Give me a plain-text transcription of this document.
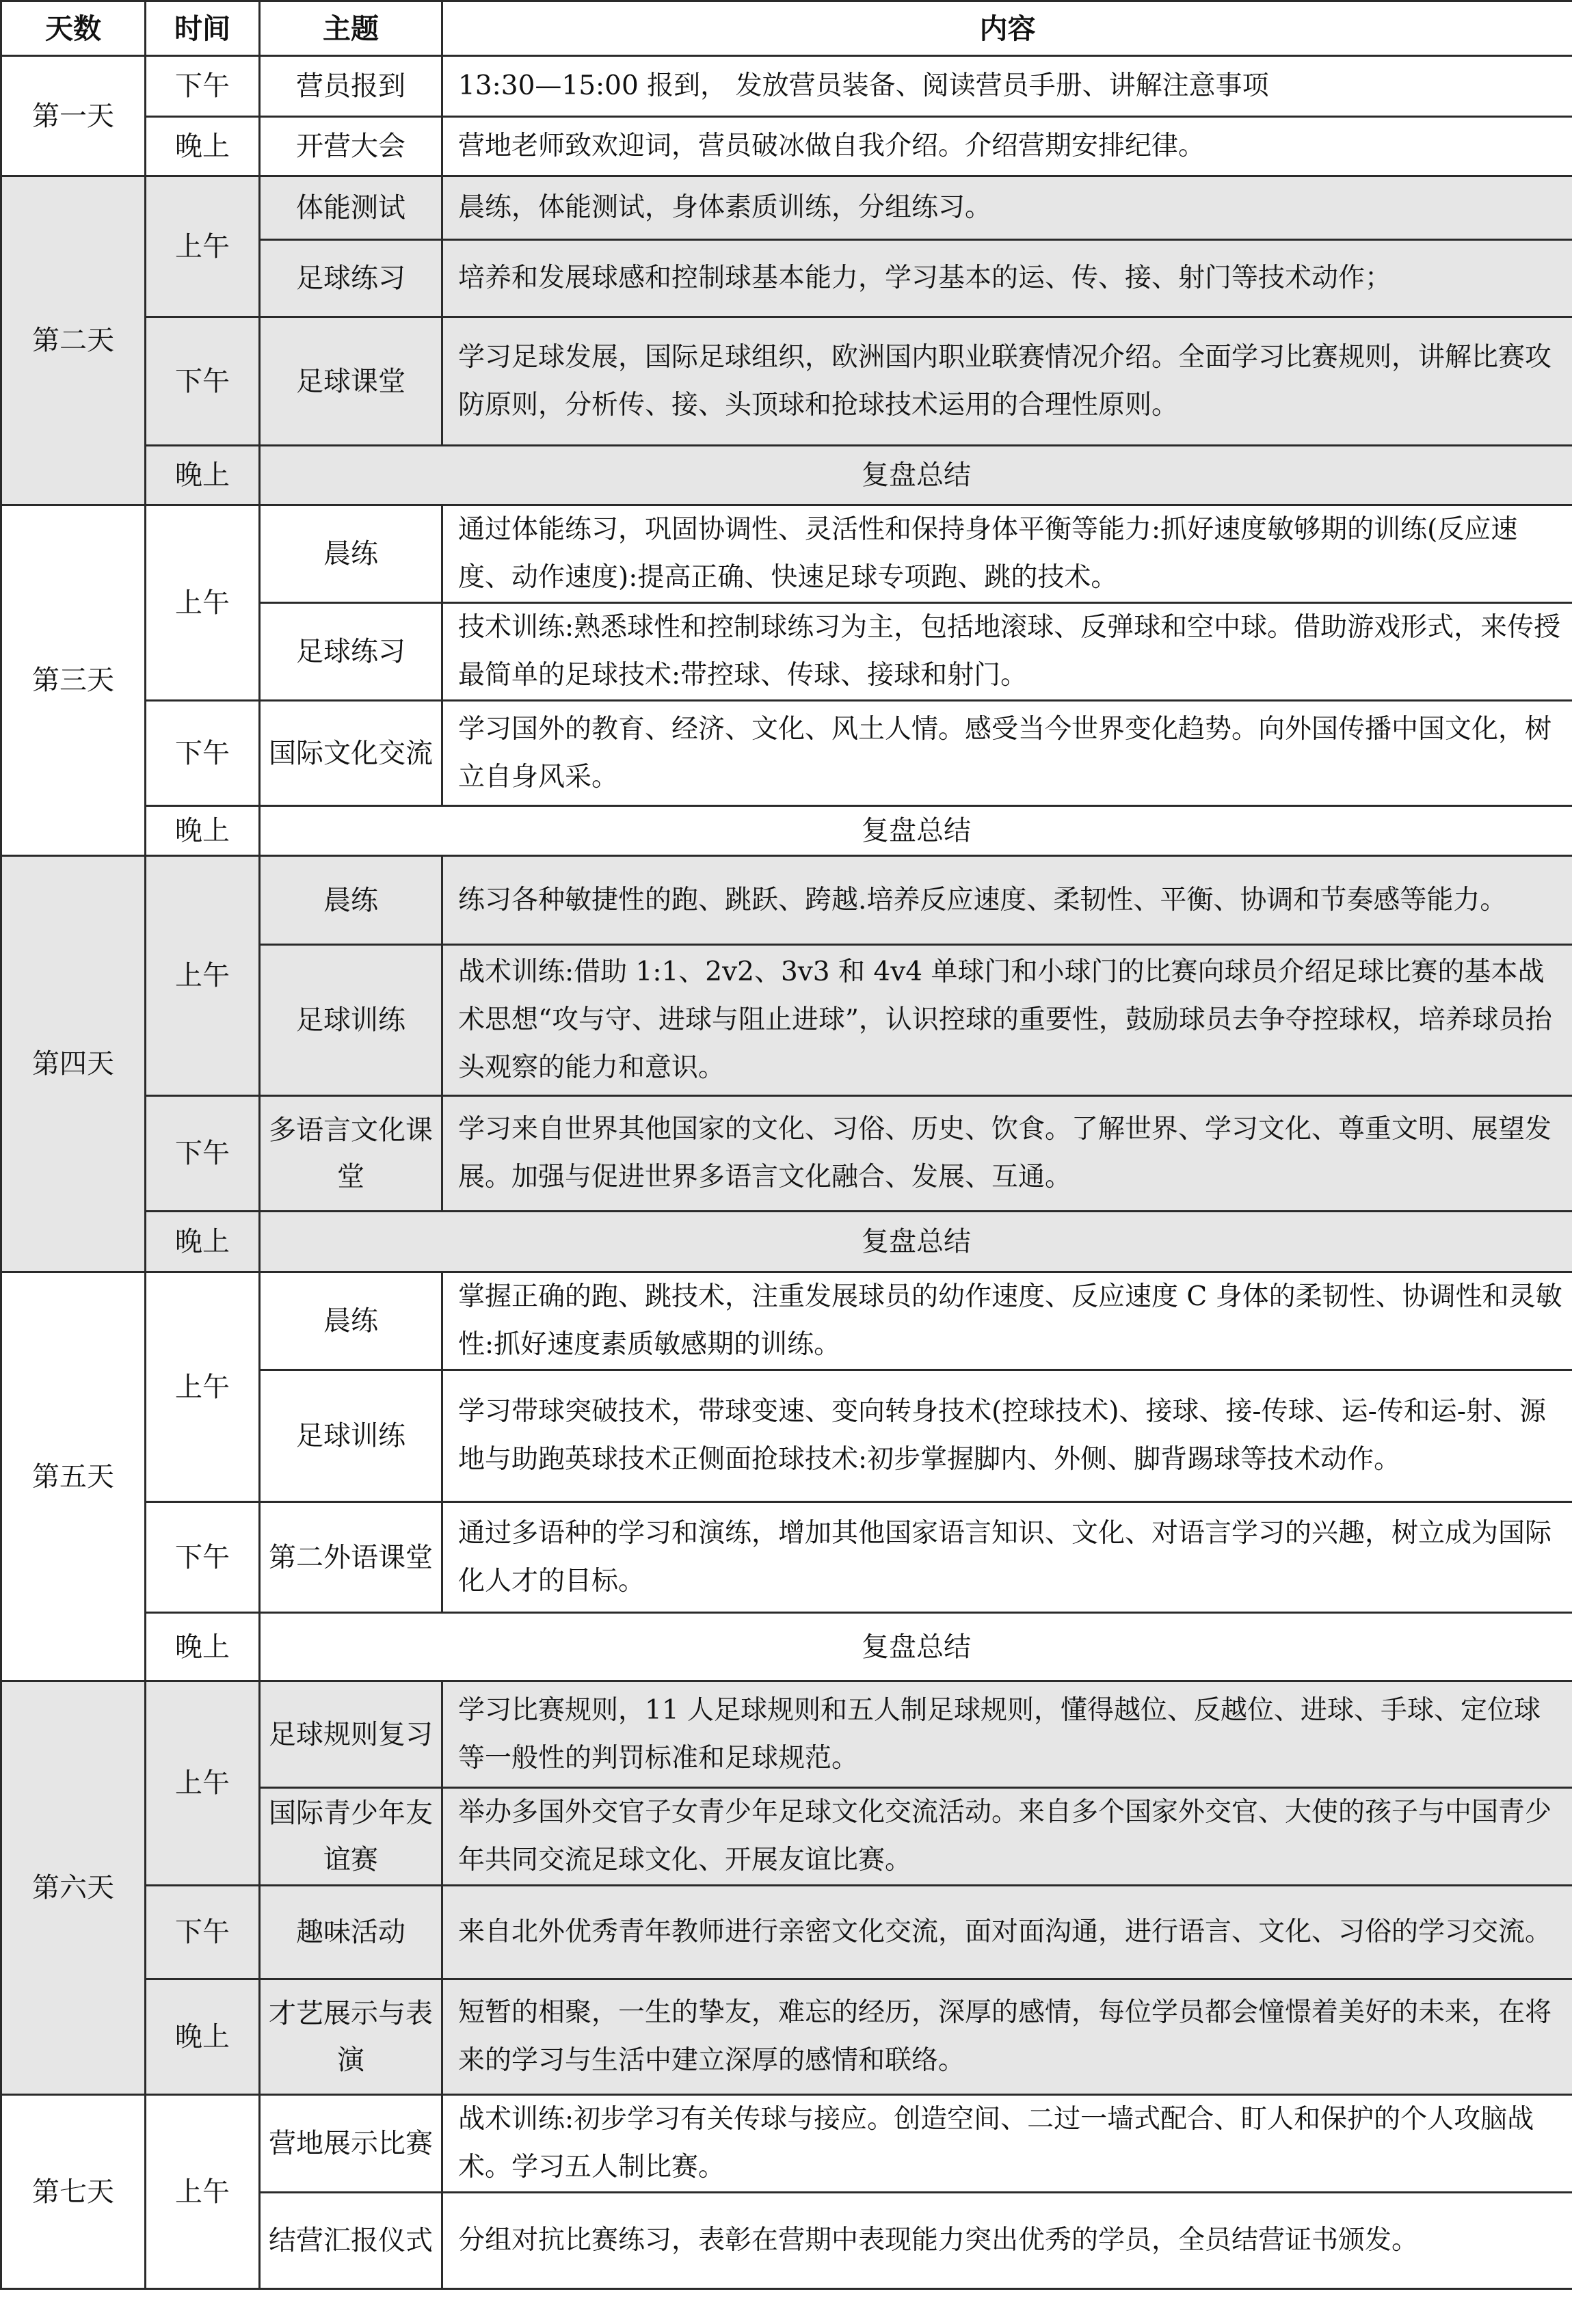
天数	时间	主题	内容
第一天	下午	营员报到	13:30—15:00 报到， 发放营员装备、阅读营员手册、讲解注意事项
	晚上	开营大会	营地老师致欢迎词，营员破冰做自我介绍。介绍营期安排纪律。
第二天	上午	体能测试	晨练，体能测试，身体素质训练，分组练习。
		足球练习	培养和发展球感和控制球基本能力，学习基本的运、传、接、射门等技术动作；
	下午	足球课堂	学习足球发展，国际足球组织，欧洲国内职业联赛情况介绍。全面学习比赛规则，讲解比赛攻防原则，分析传、接、头顶球和抢球技术运用的合理性原则。
	晚上	复盘总结	
第三天	上午	晨练	通过体能练习，巩固协调性、灵活性和保持身体平衡等能力:抓好速度敏够期的训练(反应速度、动作速度):提高正确、快速足球专项跑、跳的技术。
		足球练习	技术训练:熟悉球性和控制球练习为主，包括地滚球、反弹球和空中球。借助游戏形式，来传授最简单的足球技术:带控球、传球、接球和射门。
	下午	国际文化交流	学习国外的教育、经济、文化、风土人情。感受当今世界变化趋势。向外国传播中国文化，树立自身风采。
	晚上	复盘总结	
第四天	上午	晨练	练习各种敏捷性的跑、跳跃、跨越.培养反应速度、柔韧性、平衡、协调和节奏感等能力。
		足球训练	战术训练:借助 1:1、2v2、3v3 和 4v4 单球门和小球门的比赛向球员介绍足球比赛的基本战术思想“攻与守、进球与阻止进球”，认识控球的重要性，鼓励球员去争夺控球权，培养球员抬头观察的能力和意识。
	下午	多语言文化课堂	学习来自世界其他国家的文化、习俗、历史、饮食。了解世界、学习文化、尊重文明、展望发展。加强与促进世界多语言文化融合、发展、互通。
	晚上	复盘总结	
第五天	上午	晨练	掌握正确的跑、跳技术，注重发展球员的幼作速度、反应速度 C 身体的柔韧性、协调性和灵敏性:抓好速度素质敏感期的训练。
		足球训练	学习带球突破技术，带球变速、变向转身技术(控球技术)、接球、接-传球、运-传和运-射、源地与助跑英球技术正侧面抢球技术:初步掌握脚内、外侧、脚背踢球等技术动作。
	下午	第二外语课堂	通过多语种的学习和演练，增加其他国家语言知识、文化、对语言学习的兴趣，树立成为国际化人才的目标。
	晚上	复盘总结	
第六天	上午	足球规则复习	学习比赛规则，11 人足球规则和五人制足球规则，懂得越位、反越位、进球、手球、定位球等一般性的判罚标准和足球规范。
		国际青少年友谊赛	举办多国外交官子女青少年足球文化交流活动。来自多个国家外交官、大使的孩子与中国青少年共同交流足球文化、开展友谊比赛。
	下午	趣味活动	来自北外优秀青年教师进行亲密文化交流，面对面沟通，进行语言、文化、习俗的学习交流。
	晚上	才艺展示与表演	短暂的相聚，一生的挚友，难忘的经历，深厚的感情，每位学员都会憧憬着美好的未来，在将来的学习与生活中建立深厚的感情和联络。
第七天	上午	营地展示比赛	战术训练:初步学习有关传球与接应。创造空间、二过一墙式配合、盯人和保护的个人攻脑战术。学习五人制比赛。
		结营汇报仪式	分组对抗比赛练习，表彰在营期中表现能力突出优秀的学员，全员结营证书颁发。
